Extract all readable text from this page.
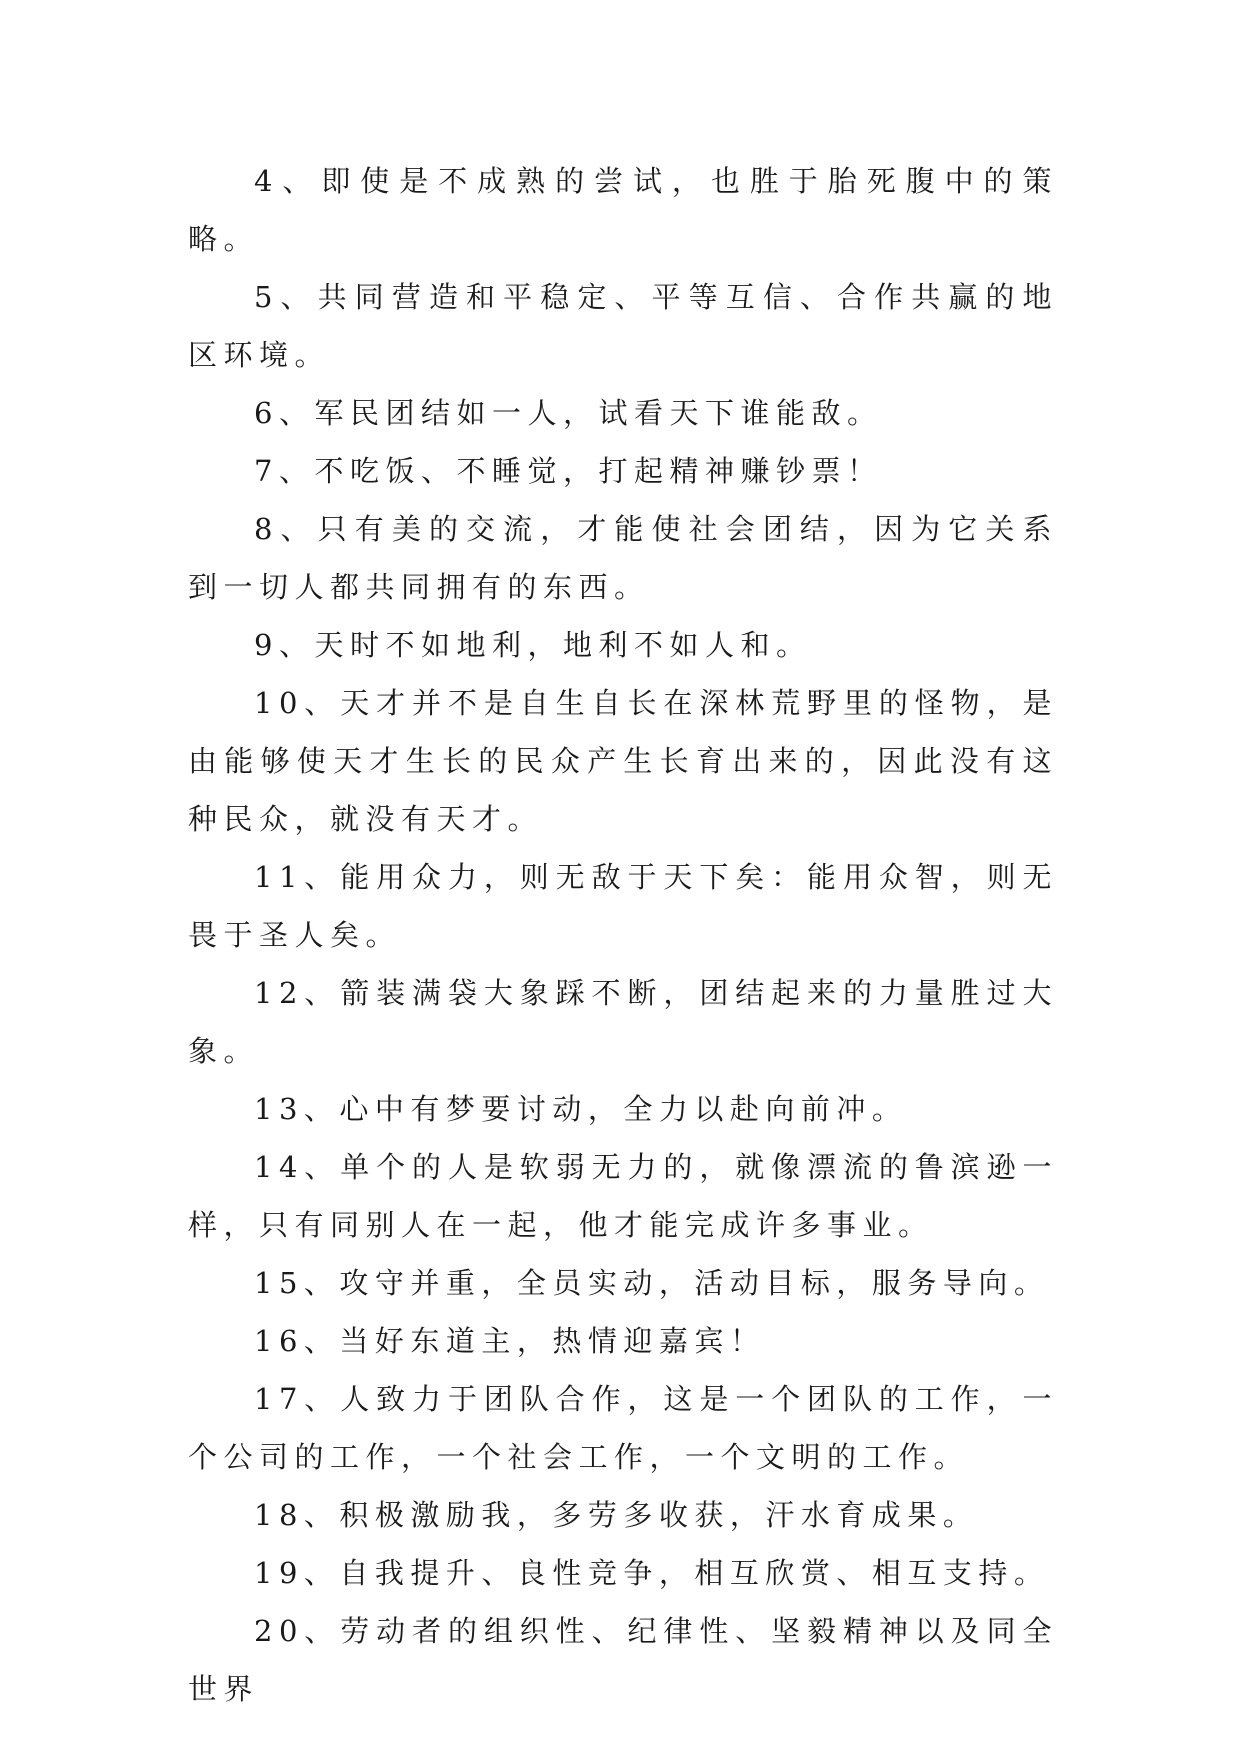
4、即使是不成熟的尝试，也胜于胎死腹中的策略。

5、共同营造和平稳定、平等互信、合作共赢的地区环境。

6、军民团结如一人，试看天下谁能敌。

7、不吃饭、不睡觉，打起精神赚钞票！

8、只有美的交流，才能使社会团结，因为它关系到一切人都共同拥有的东西。

9、天时不如地利，地利不如人和。

10、天才并不是自生自长在深林荒野里的怪物，是由能够使天才生长的民众产生长育出来的，因此没有这种民众，就没有天才。

11、能用众力，则无敌于天下矣：能用众智，则无畏于圣人矣。

12、箭装满袋大象踩不断，团结起来的力量胜过大象。

13、心中有梦要讨动，全力以赴向前冲。

14、单个的人是软弱无力的，就像漂流的鲁滨逊一样，只有同别人在一起，他才能完成许多事业。

15、攻守并重，全员实动，活动目标，服务导向。

16、当好东道主，热情迎嘉宾！

17、人致力于团队合作，这是一个团队的工作，一个公司的工作，一个社会工作，一个文明的工作。

18、积极激励我，多劳多收获，汗水育成果。

19、自我提升、良性竞争，相互欣赏、相互支持。

20、劳动者的组织性、纪律性、坚毅精神以及同全世界
